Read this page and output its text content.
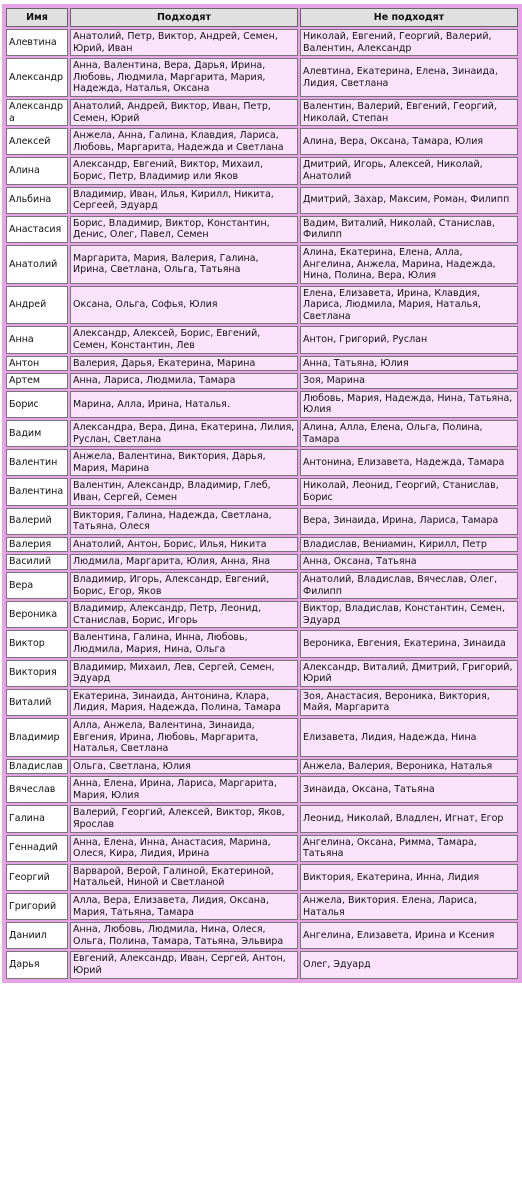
Имя	Подходят	Не подходят
Алевтина	Анатолий, Петр, Виктор, Андрей, Семен, Юрий, Иван	Николай, Евгений, Георгий, Валерий, Валентин, Александр
Александр	Анна, Валентина, Вера, Дарья, Ирина, Любовь, Людмила, Маргарита, Мария, Надежда, Наталья, Оксана	Алевтина, Екатерина, Елена, Зинаида, Лидия, Светлана
Александра	Анатолий, Андрей, Виктор, Иван, Петр, Семен, Юрий	Валентин, Валерий, Евгений, Георгий, Николай, Степан
Алексей	Анжела, Анна, Галина, Клавдия, Лариса, Любовь, Маргарита, Надежда и Светлана	Алина, Вера, Оксана, Тамара, Юлия
Алина	Александр, Евгений, Виктор, Михаил, Борис, Петр, Владимир или Яков	Дмитрий, Игорь, Алексей, Николай, Анатолий
Альбина	Владимир, Иван, Илья, Кирилл, Никита, Сергеей, Эдуард	Дмитрий, Захар, Максим, Роман, Филипп
Анастасия	Борис, Владимир, Виктор, Константин, Денис, Олег, Павел, Семен	Вадим, Виталий, Николай, Станислав, Филипп
Анатолий	Маргарита, Мария, Валерия, Галина, Ирина, Светлана, Ольга, Татьяна	Алина, Екатерина, Елена, Алла, Ангелина, Анжела, Марина, Надежда, Нина, Полина, Вера, Юлия
Андрей	Оксана, Ольга, Софья, Юлия	Елена, Елизавета, Ирина, Клавдия, Лариса, Людмила, Мария, Наталья, Светлана
Анна	Александр, Алексей, Борис, Евгений, Семен, Константин, Лев	Антон, Григорий, Руслан
Антон	Валерия, Дарья, Екатерина, Марина	Анна, Татьяна, Юлия
Артем	Анна, Лариса, Людмила, Тамара	Зоя, Марина
Борис	Марина, Алла, Ирина, Наталья.	Любовь, Мария, Надежда, Нина, Татьяна, Юлия
Вадим	Александра, Вера, Дина, Екатерина, Лилия, Руслан, Светлана	Алина, Алла, Елена, Ольга, Полина, Тамара
Валентин	Анжела, Валентина, Виктория, Дарья, Мария, Марина	Антонина, Елизавета, Надежда, Тамара
Валентина	Валентин, Александр, Владимир, Глеб, Иван, Сергей, Семен	Николай, Леонид, Георгий, Станислав, Борис
Валерий	Виктория, Галина, Надежда, Светлана, Татьяна, Олеся	Вера, Зинаида, Ирина, Лариса, Тамара
Валерия	Анатолий, Антон, Борис, Илья, Никита	Владислав, Вениамин, Кирилл, Петр
Василий	Людмила, Маргарита, Юлия, Анна, Яна	Анна, Оксана, Татьяна
Вера	Владимир, Игорь, Александр, Евгений, Борис, Егор, Яков	Анатолий, Владислав, Вячеслав, Олег, Филипп
Вероника	Владимир, Александр, Петр, Леонид, Станислав, Борис, Игорь	Виктор, Владислав, Константин, Семен, Эдуард
Виктор	Валентина, Галина, Инна, Любовь, Людмила, Мария, Нина, Ольга	Вероника, Евгения, Екатерина, Зинаида
Виктория	Владимир, Михаил, Лев, Сергей, Семен, Эдуард	Александр, Виталий, Дмитрий, Григорий, Юрий
Виталий	Екатерина, Зинаида, Антонина, Клара, Лидия, Мария, Надежда, Полина, Тамара	Зоя, Анастасия, Вероника, Виктория, Майя, Маргарита
Владимир	Алла, Анжела, Валентина, Зинаида, Евгения, Ирина, Любовь, Маргарита, Наталья, Светлана	Елизавета, Лидия, Надежда, Нина
Владислав	Ольга, Светлана, Юлия	Анжела, Валерия, Вероника, Наталья
Вячеслав	Анна, Елена, Ирина, Лариса, Маргарита, Мария, Юлия	Зинаида, Оксана, Татьяна
Галина	Валерий, Георгий, Алексей, Виктор, Яков, Ярослав	Леонид, Николай, Владлен, Игнат, Егор
Геннадий	Анна, Елена, Инна, Анастасия, Марина, Олеся, Кира, Лидия, Ирина	Ангелина, Оксана, Римма, Тамара, Татьяна
Георгий	Варварой, Верой, Галиной, Екатериной, Натальей, Ниной и Светланой	Виктория, Екатерина, Инна, Лидия
Григорий	Алла, Вера, Елизавета, Лидия, Оксана, Мария, Татьяна, Тамара	Анжела, Виктория. Елена, Лариса, Наталья
Даниил	Анна, Любовь, Людмила, Нина, Олеся, Ольга, Полина, Тамара, Татьяна, Эльвира	Ангелина, Елизавета, Ирина и Ксения
Дарья	Евгений, Александр, Иван, Сергей, Антон, Юрий	Олег, Эдуард
